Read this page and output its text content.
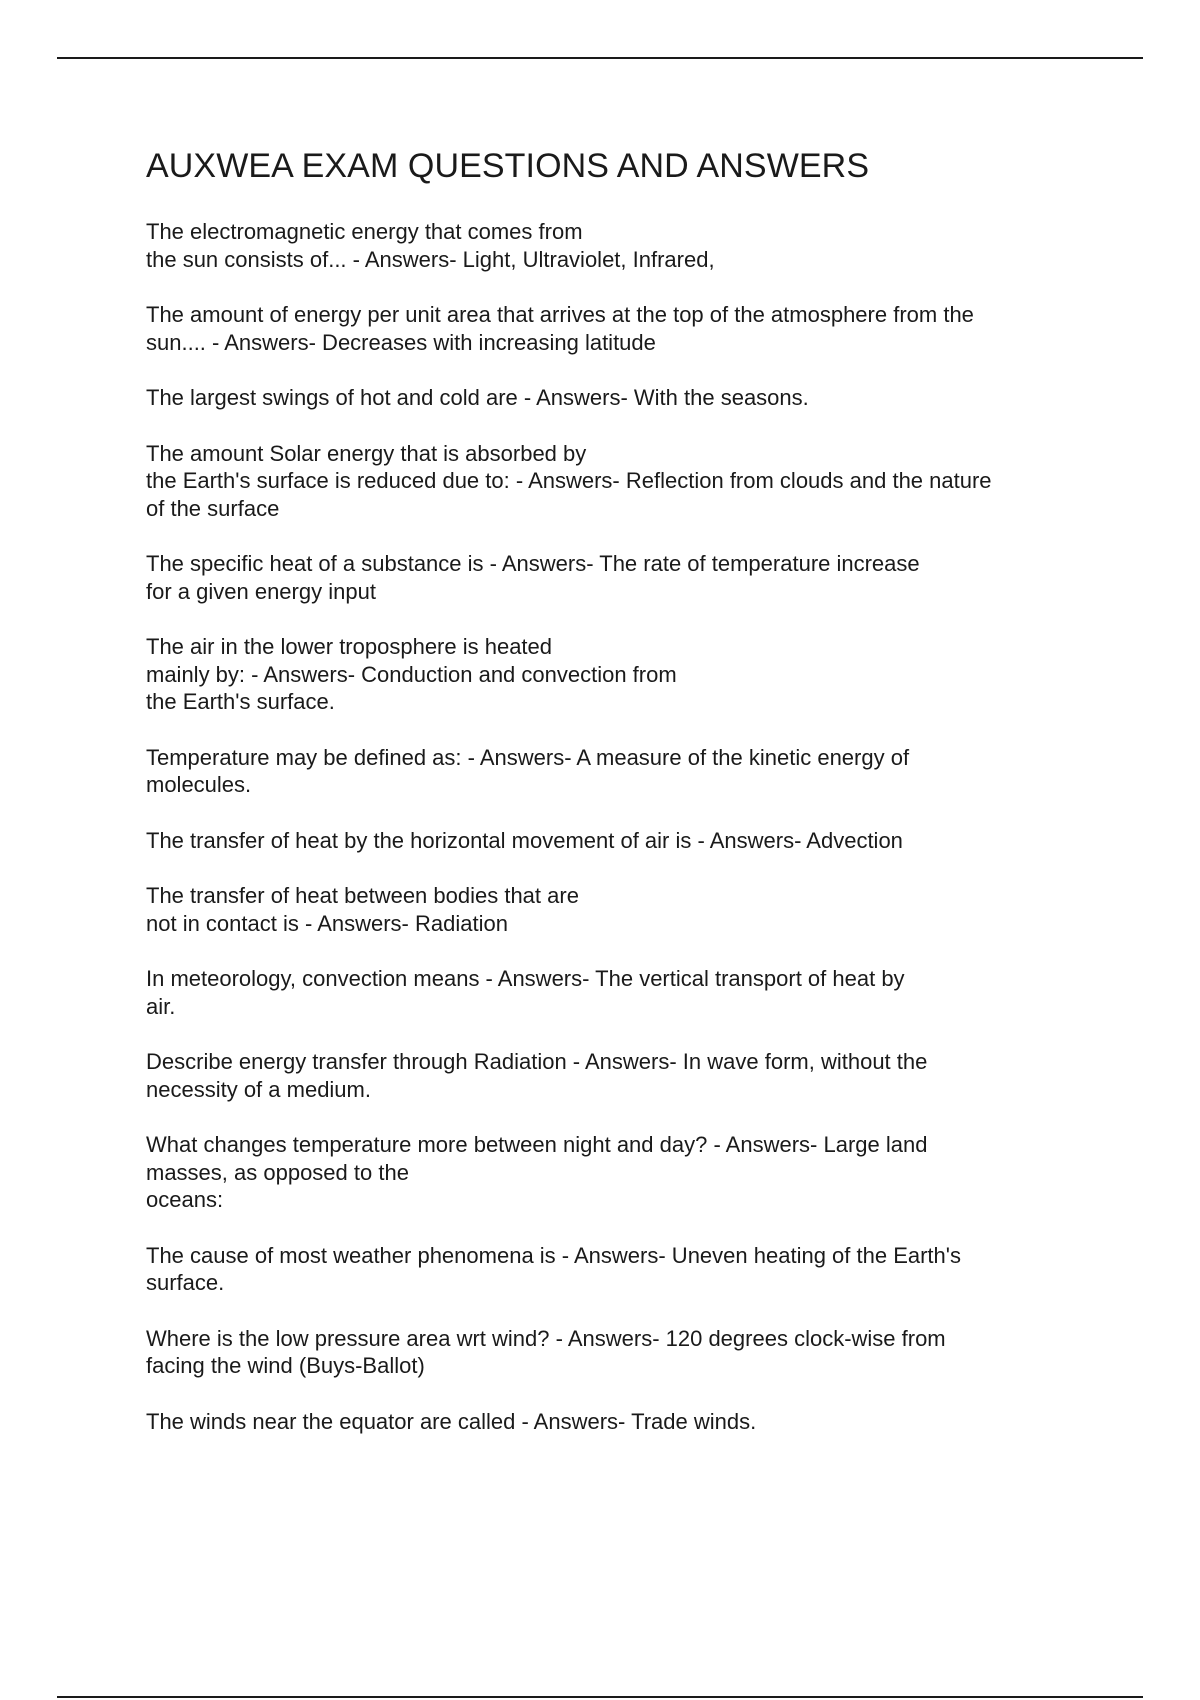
AUXWEA EXAM QUESTIONS AND ANSWERS
The electromagnetic energy that comes from
the sun consists of... - Answers- Light, Ultraviolet, Infrared,
The amount of energy per unit area that arrives at the top of the atmosphere from the
sun.... - Answers- Decreases with increasing latitude
The largest swings of hot and cold are - Answers- With the seasons.
The amount Solar energy that is absorbed by
the Earth's surface is reduced due to: - Answers- Reflection from clouds and the nature
of the surface
The specific heat of a substance is - Answers- The rate of temperature increase
for a given energy input
The air in the lower troposphere is heated
mainly by: - Answers- Conduction and convection from
the Earth's surface.
Temperature may be defined as: - Answers- A measure of the kinetic energy of
molecules.
The transfer of heat by the horizontal movement of air is - Answers- Advection
The transfer of heat between bodies that are
not in contact is - Answers- Radiation
In meteorology, convection means - Answers- The vertical transport of heat by
air.
Describe energy transfer through Radiation - Answers- In wave form, without the
necessity of a medium.
What changes temperature more between night and day? - Answers- Large land
masses, as opposed to the
oceans:
The cause of most weather phenomena is - Answers- Uneven heating of the Earth's
surface.
Where is the low pressure area wrt wind? - Answers- 120 degrees clock-wise from
facing the wind (Buys-Ballot)
The winds near the equator are called - Answers- Trade winds.
